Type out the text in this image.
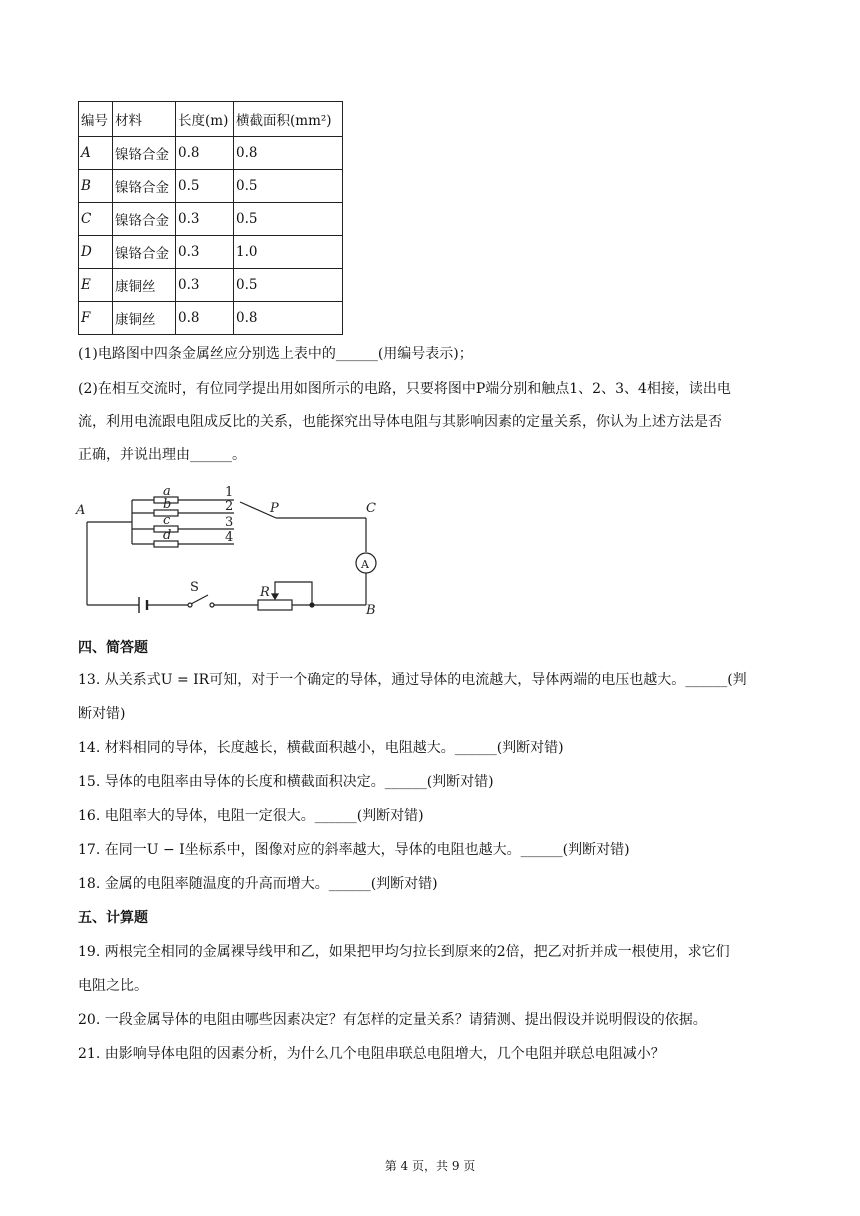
编号	材料	长度(m)	横截面积(mm²)
A	镍铬合金	0.8	0.8
B	镍铬合金	0.5	0.5
C	镍铬合金	0.3	0.5
D	镍铬合金	0.3	1.0
E	康铜丝	0.3	0.5
F	康铜丝	0.8	0.8
(1)电路图中四条金属丝应分别选上表中的______(用编号表示)；
(2)在相互交流时，有位同学提出用如图所示的电路，只要将图中P端分别和触点1、2、3、4相接，读出电
流，利用电流跟电阻成反比的关系，也能探究出导体电阻与其影响因素的定量关系，你认为上述方法是否
正确，并说出理由______。
A
B
C
P
R
a
b
c
d
S
A
1
2
3
4
四、简答题
13. 从关系式U = IR可知，对于一个确定的导体，通过导体的电流越大，导体两端的电压也越大。______(判
断对错)
14. 材料相同的导体，长度越长，横截面积越小，电阻越大。______(判断对错)
15. 导体的电阻率由导体的长度和横截面积决定。______(判断对错)
16. 电阻率大的导体，电阻一定很大。______(判断对错)
17. 在同一U − I坐标系中，图像对应的斜率越大，导体的电阻也越大。______(判断对错)
18. 金属的电阻率随温度的升高而增大。______(判断对错)
五、计算题
19. 两根完全相同的金属裸导线甲和乙，如果把甲均匀拉长到原来的2倍，把乙对折并成一根使用，求它们
电阻之比。
20. 一段金属导体的电阻由哪些因素决定？有怎样的定量关系？请猜测、提出假设并说明假设的依据。
21. 由影响导体电阻的因素分析，为什么几个电阻串联总电阻增大，几个电阻并联总电阻减小？
第 4 页，共 9 页
